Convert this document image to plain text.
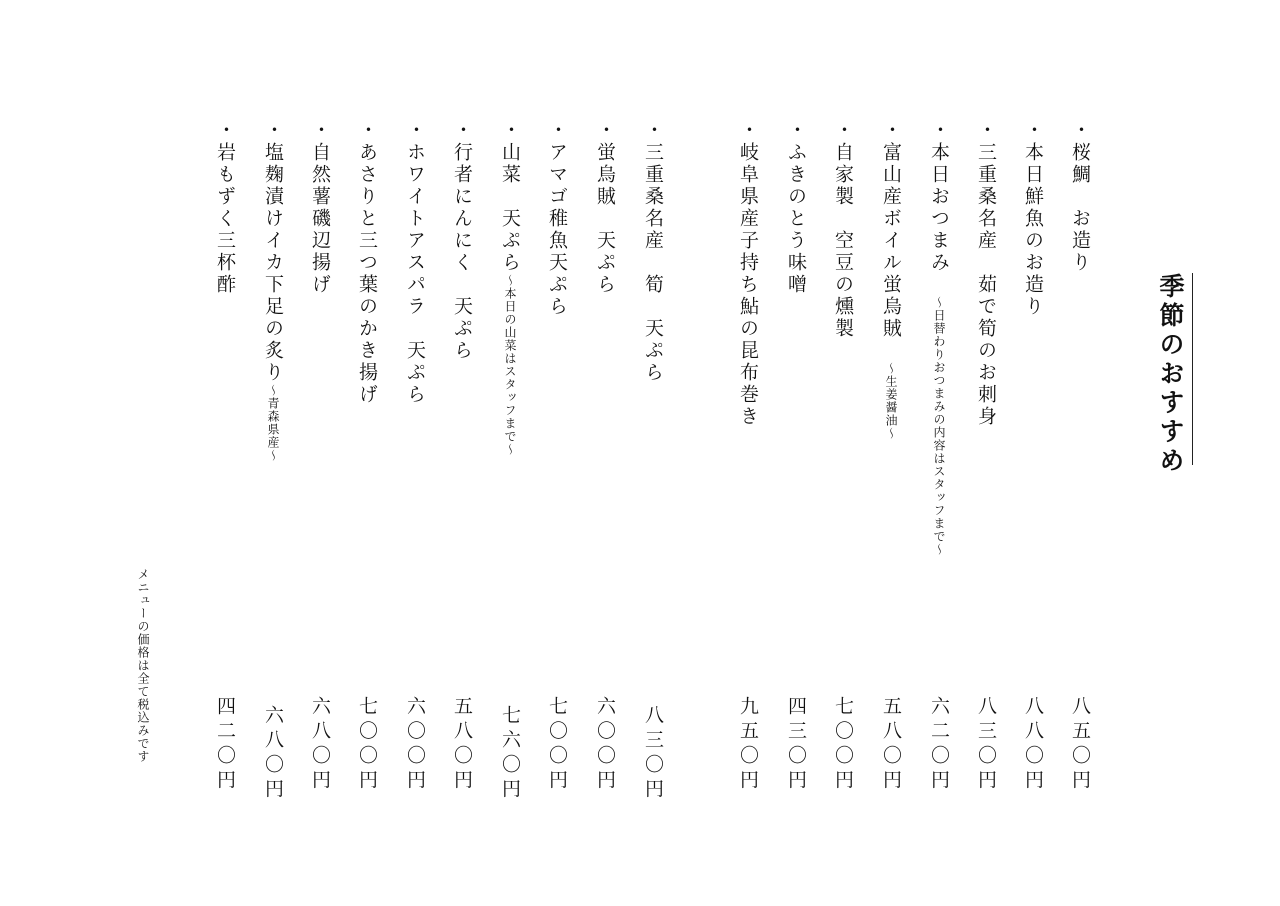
季節のおすすめ
・桜鯛　お造り
八五〇円
・本日鮮魚のお造り
八八〇円
・三重桑名産　茹で筍のお刺身
八三〇円
・本日おつまみ　～日替わりおつまみの内容はスタッフまで～
六二〇円
・富山産ボイル蛍烏賊　～生姜醤油～
五八〇円
・自家製　空豆の燻製
七〇〇円
・ふきのとう味噌
四三〇円
・岐阜県産子持ち鮎の昆布巻き
九五〇円
・三重桑名産　筍　天ぷら
八三〇円
・蛍烏賊　天ぷら
六〇〇円
・アマゴ稚魚天ぷら
七〇〇円
・山菜　天ぷら～本日の山菜はスタッフまで～
七六〇円
・行者にんにく　天ぷら
五八〇円
・ホワイトアスパラ　天ぷら
六〇〇円
・あさりと三つ葉のかき揚げ
七〇〇円
・自然薯磯辺揚げ
六八〇円
・塩麹漬けイカ下足の炙り～青森県産～
六八〇円
・岩もずく三杯酢
四二〇円
メニューの価格は全て税込みです
